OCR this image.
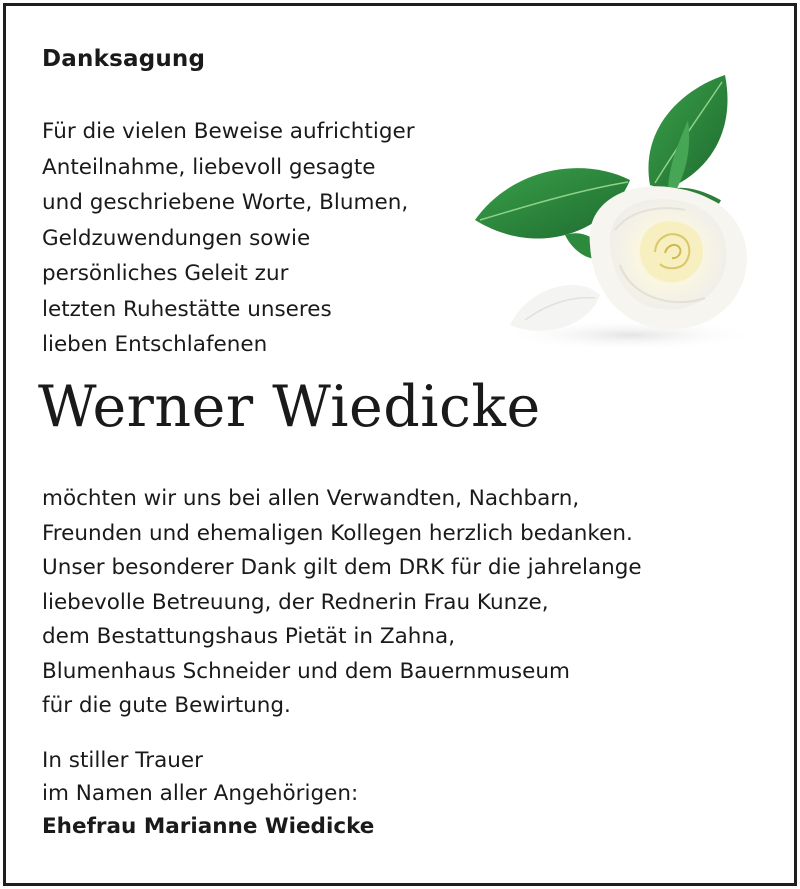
Danksagung
Für die vielen Beweise aufrichtiger
Anteilnahme, liebevoll gesagte
und geschriebene Worte, Blumen,
Geldzuwendungen sowie
persönliches Geleit zur
letzten Ruhestätte unseres
lieben Entschlafenen
Werner Wiedicke
möchten wir uns bei allen Verwandten, Nachbarn,
Freunden und ehemaligen Kollegen herzlich bedanken.
Unser besonderer Dank gilt dem DRK für die jahrelange
liebevolle Betreuung, der Rednerin Frau Kunze,
dem Bestattungshaus Pietät in Zahna,
Blumenhaus Schneider und dem Bauernmuseum
für die gute Bewirtung.
In stiller Trauer
im Namen aller Angehörigen:
Ehefrau Marianne Wiedicke
